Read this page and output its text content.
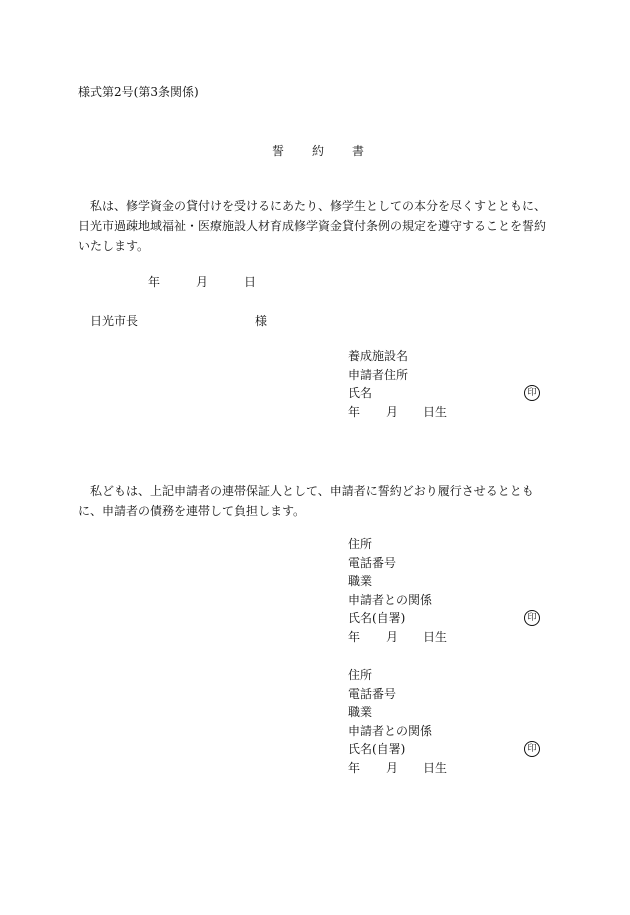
様式第2号(第3条関係)
誓 約 書
私は、修学資金の貸付けを受けるにあたり、修学生としての本分を尽くすとともに、日光市過疎地域福祉・医療施設人材育成修学資金貸付条例の規定を遵守することを誓約いたします。
年	月	日
日光市長	様
養成施設名
申請者住所
氏名	印
年 月 日生
私どもは、上記申請者の連帯保証人として、申請者に誓約どおり履行させるとともに、申請者の債務を連帯して負担します。
住所
電話番号
職業
申請者との関係
氏名(自署)	印
年 月 日生
住所
電話番号
職業
申請者との関係
氏名(自署)	印
年 月 日生
